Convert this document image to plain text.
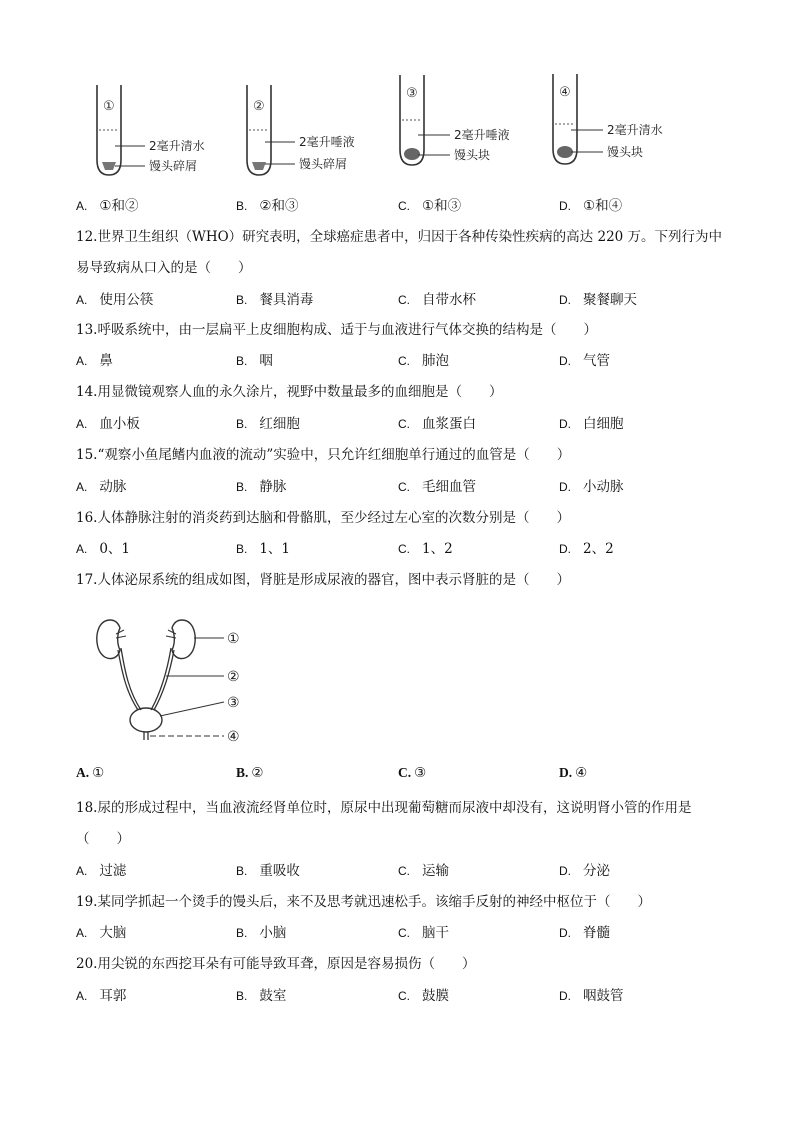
①
2毫升清水
馒头碎屑
②
2毫升唾液
馒头碎屑
③
2毫升唾液
馒头块
④
2毫升清水
馒头块
A. ①和②	B. ②和③	C. ①和③	D. ①和④
12.世界卫生组织（WHO）研究表明，全球癌症患者中，归因于各种传染性疾病的高达 220 万。下列行为中
易导致病从口入的是（　　）
A. 使用公筷	B. 餐具消毒	C. 自带水杯	D. 聚餐聊天
13.呼吸系统中，由一层扁平上皮细胞构成、适于与血液进行气体交换的结构是（　　）
A. 鼻	B. 咽	C. 肺泡	D. 气管
14.用显微镜观察人血的永久涂片，视野中数量最多的血细胞是（　　）
A. 血小板	B. 红细胞	C. 血浆蛋白	D. 白细胞
15.“观察小鱼尾鳍内血液的流动”实验中，只允许红细胞单行通过的血管是（　　）
A. 动脉	B. 静脉	C. 毛细血管	D. 小动脉
16.人体静脉注射的消炎药到达脑和骨骼肌，至少经过左心室的次数分别是（　　）
A. 0、1	B. 1、1	C. 1、2	D. 2、2
17.人体泌尿系统的组成如图，肾脏是形成尿液的器官，图中表示肾脏的是（　　）
①
②
③
④
A. ①	B. ②	C. ③	D. ④
18.尿的形成过程中，当血液流经肾单位时，原尿中出现葡萄糖而尿液中却没有，这说明肾小管的作用是
（　　）
A. 过滤	B. 重吸收	C. 运输	D. 分泌
19.某同学抓起一个烫手的馒头后，来不及思考就迅速松手。该缩手反射的神经中枢位于（　　）
A. 大脑	B. 小脑	C. 脑干	D. 脊髓
20.用尖锐的东西挖耳朵有可能导致耳聋，原因是容易损伤（　　）
A. 耳郭	B. 鼓室	C. 鼓膜	D. 咽鼓管
